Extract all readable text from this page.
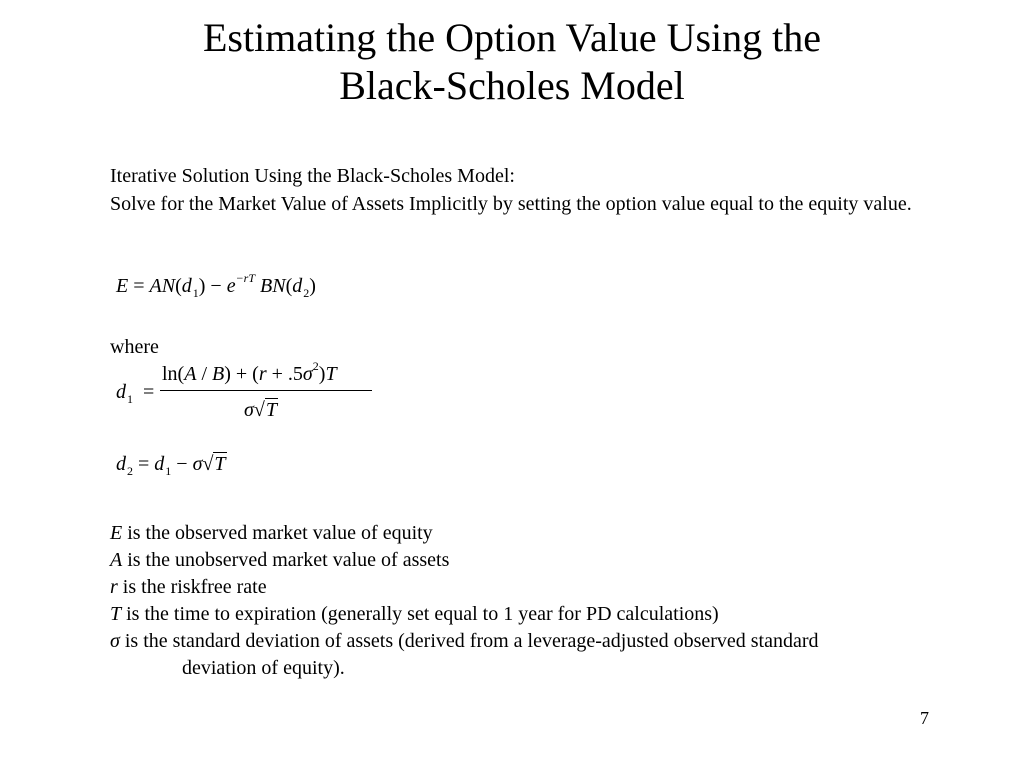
Estimating the Option Value Using the
Black-Scholes Model
Iterative Solution Using the Black-Scholes Model:
Solve for the Market Value of Assets Implicitly by setting the option value equal to the equity value.
$E = AN(d_1) - e^{-rT}$ $BN(d_2)$
where
$d_1$ =
$\ln(A / B) + (r + .5\sigma^2)T$
σ√T
$d_2 = d_1 - \sigma√T$
E is the observed market value of equity
A is the unobserved market value of assets
r is the riskfree rate
T is the time to expiration (generally set equal to 1 year for PD calculations)
σ is the standard deviation of assets (derived from a leverage-adjusted observed standard
deviation of equity).
7
